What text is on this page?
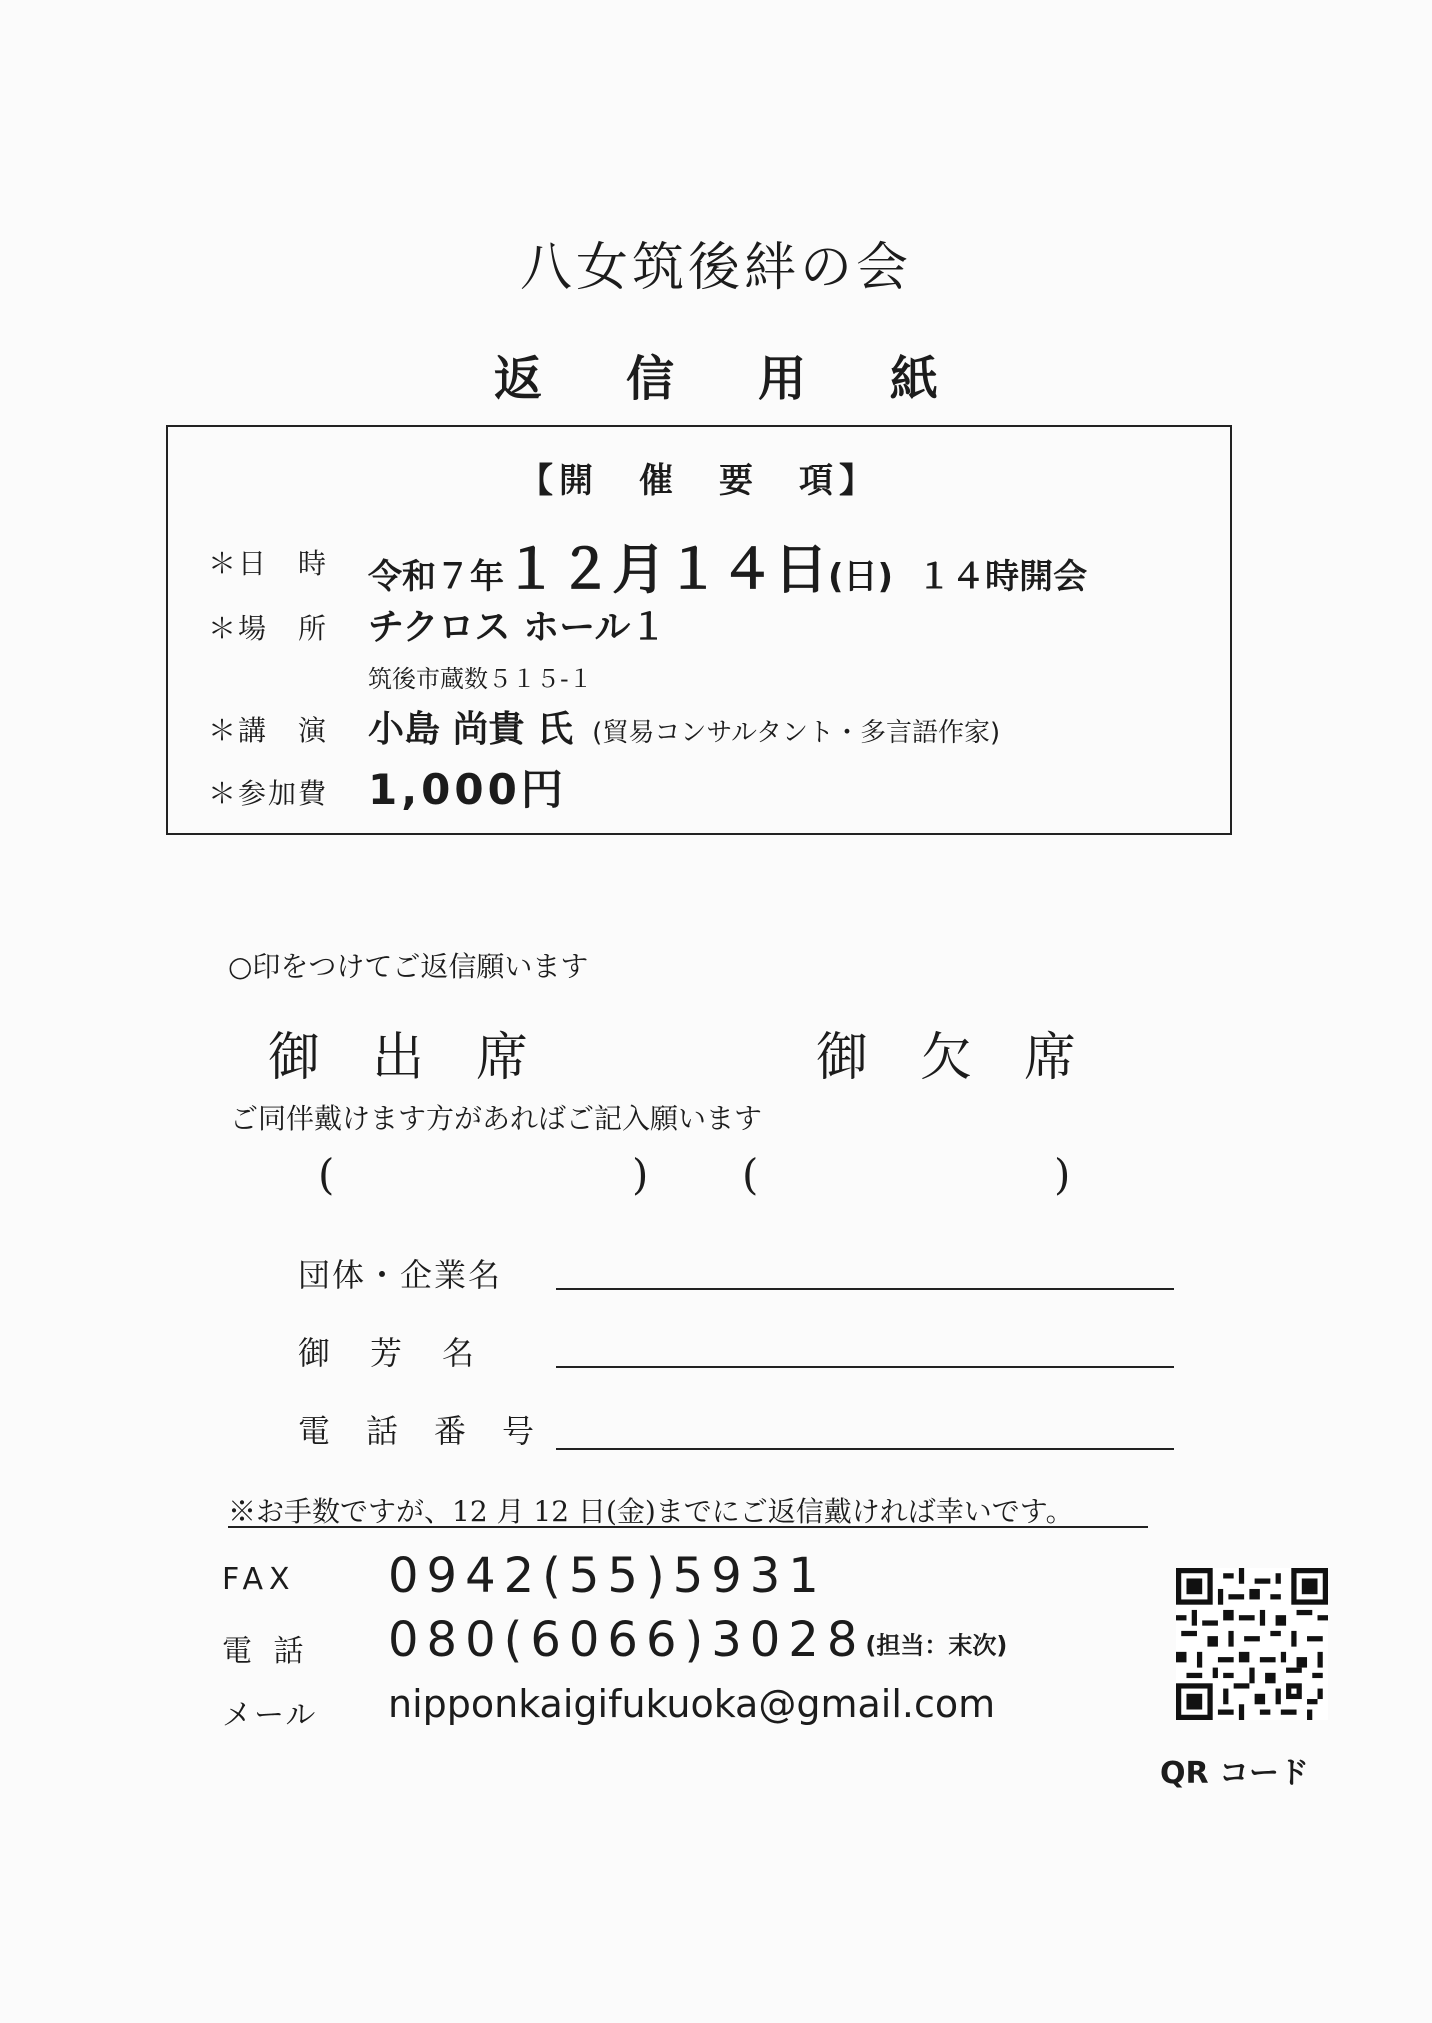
八女筑後絆の会
返 信 用 紙
【開　催　要　項】
＊日　時 令和７年１２月１４日(日) １４時開会
＊場　所 チクロス ホール１
筑後市蔵数５１５-１
＊講　演 小島 尚貴 氏 (貿易コンサルタント・多言語作家)
＊参加費 1,000円
○印をつけてご返信願います
御　出　席	御　欠　席
ご同伴戴けます方があればご記入願います
(	) (	)
団体・企業名
御　芳　名
電　話　番　号
※お手数ですが、12 月 12 日(金)までにご返信戴ければ幸いです。
FAX 0942(55)5931
電 話 080(6066)3028(担当：末次)
メール nipponkaigifukuoka@gmail.com
QR コード
